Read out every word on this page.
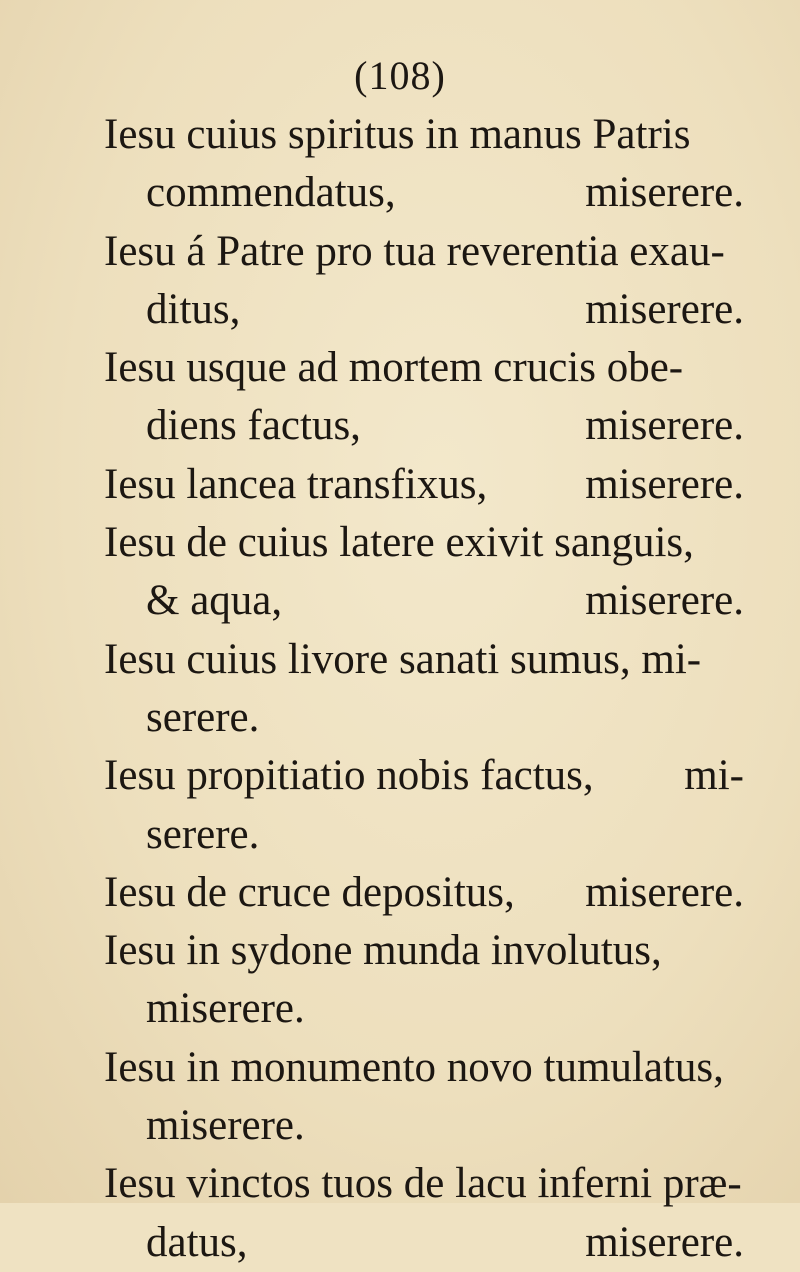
(108)
Iesu cuius spiritus in manus Patris
commendatus,	miserere.
Iesu á Patre pro tua reverentia exau-
ditus,	miserere.
Iesu usque ad mortem crucis obe-
diens factus,	miserere.
Iesu lancea transfixus, miserere.
Iesu de cuius latere exivit sanguis,
& aqua,	miserere.
Iesu cuius livore sanati sumus, mi-
serere.
Iesu propitiatio nobis factus, mi-
serere.
Iesu de cruce depositus, miserere.
Iesu in sydone munda involutus,
miserere.
Iesu in monumento novo tumulatus,
miserere.
Iesu vinctos tuos de lacu inferni præ-
datus,	miserere.
